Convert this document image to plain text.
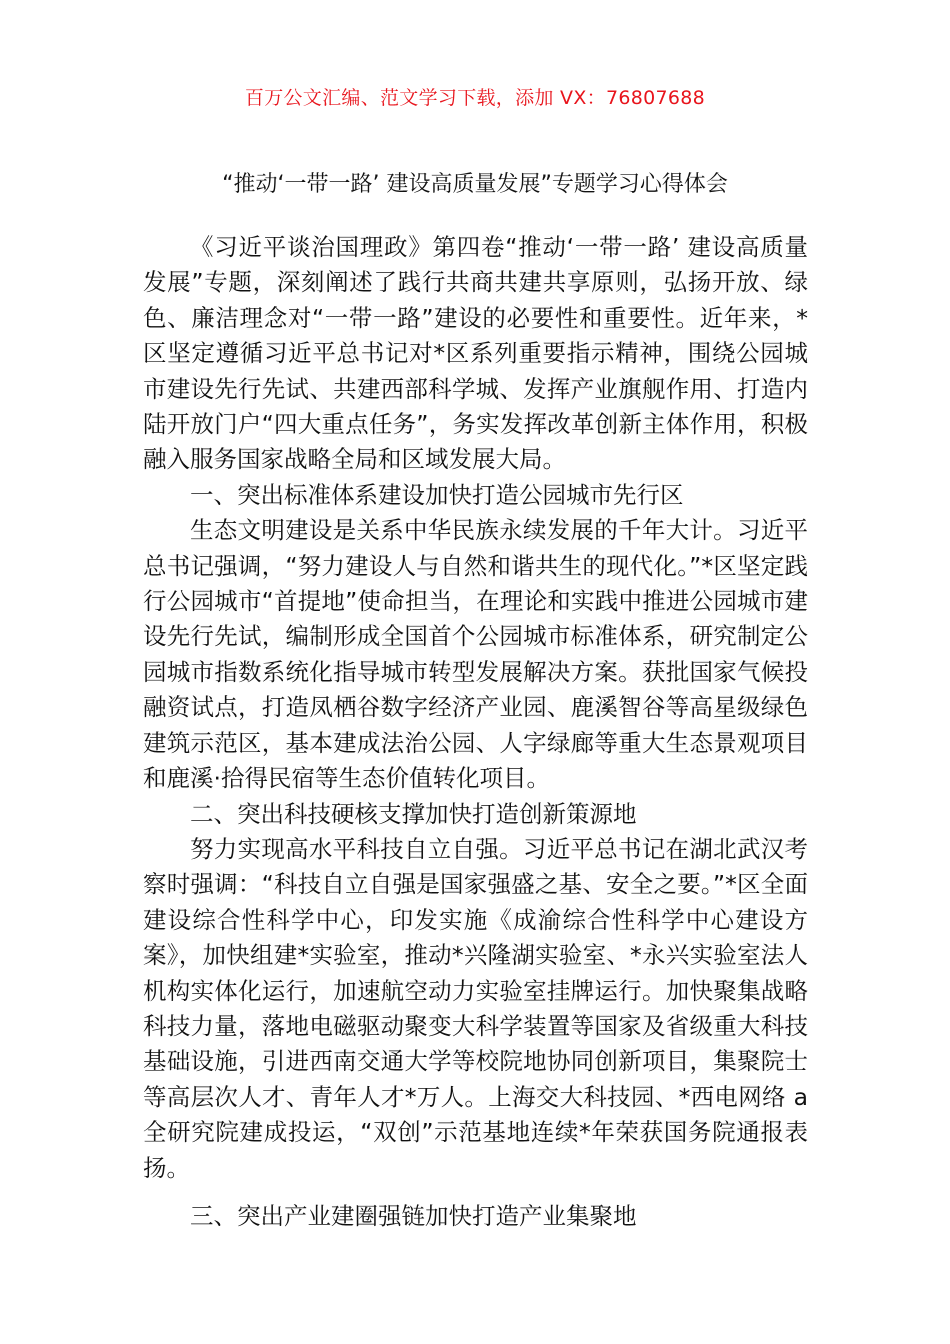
百万公文汇编、范文学习下载，添加 VX：76807688
“推动‘一带一路’ 建设高质量发展”专题学习心得体会

《习近平谈治国理政》第四卷“推动‘一带一路’ 建设高质量发展”专题，深刻阐述了践行共商共建共享原则，弘扬开放、绿色、廉洁理念对“一带一路”建设的必要性和重要性。近年来，*区坚定遵循习近平总书记对*区系列重要指示精神，围绕公园城市建设先行先试、共建西部科学城、发挥产业旗舰作用、打造内陆开放门户“四大重点任务”，务实发挥改革创新主体作用，积极融入服务国家战略全局和区域发展大局。

一、突出标准体系建设加快打造公园城市先行区

生态文明建设是关系中华民族永续发展的千年大计。习近平总书记强调，“努力建设人与自然和谐共生的现代化。”*区坚定践行公园城市“首提地”使命担当，在理论和实践中推进公园城市建设先行先试，编制形成全国首个公园城市标准体系，研究制定公园城市指数系统化指导城市转型发展解决方案。获批国家气候投融资试点，打造凤栖谷数字经济产业园、鹿溪智谷等高星级绿色建筑示范区，基本建成法治公园、人字绿廊等重大生态景观项目和鹿溪·拾得民宿等生态价值转化项目。

二、突出科技硬核支撑加快打造创新策源地

努力实现高水平科技自立自强。习近平总书记在湖北武汉考察时强调：“科技自立自强是国家强盛之基、安全之要。”*区全面建设综合性科学中心，印发实施《成渝综合性科学中心建设方案》，加快组建*实验室，推动*兴隆湖实验室、*永兴实验室法人机构实体化运行，加速航空动力实验室挂牌运行。加快聚集战略科技力量，落地电磁驱动聚变大科学装置等国家及省级重大科技基础设施，引进西南交通大学等校院地协同创新项目，集聚院士等高层次人才、青年人才*万人。上海交大科技园、*西电网络 a 全研究院建成投运，“双创”示范基地连续*年荣获国务院通报表扬。

三、突出产业建圈强链加快打造产业集聚地
